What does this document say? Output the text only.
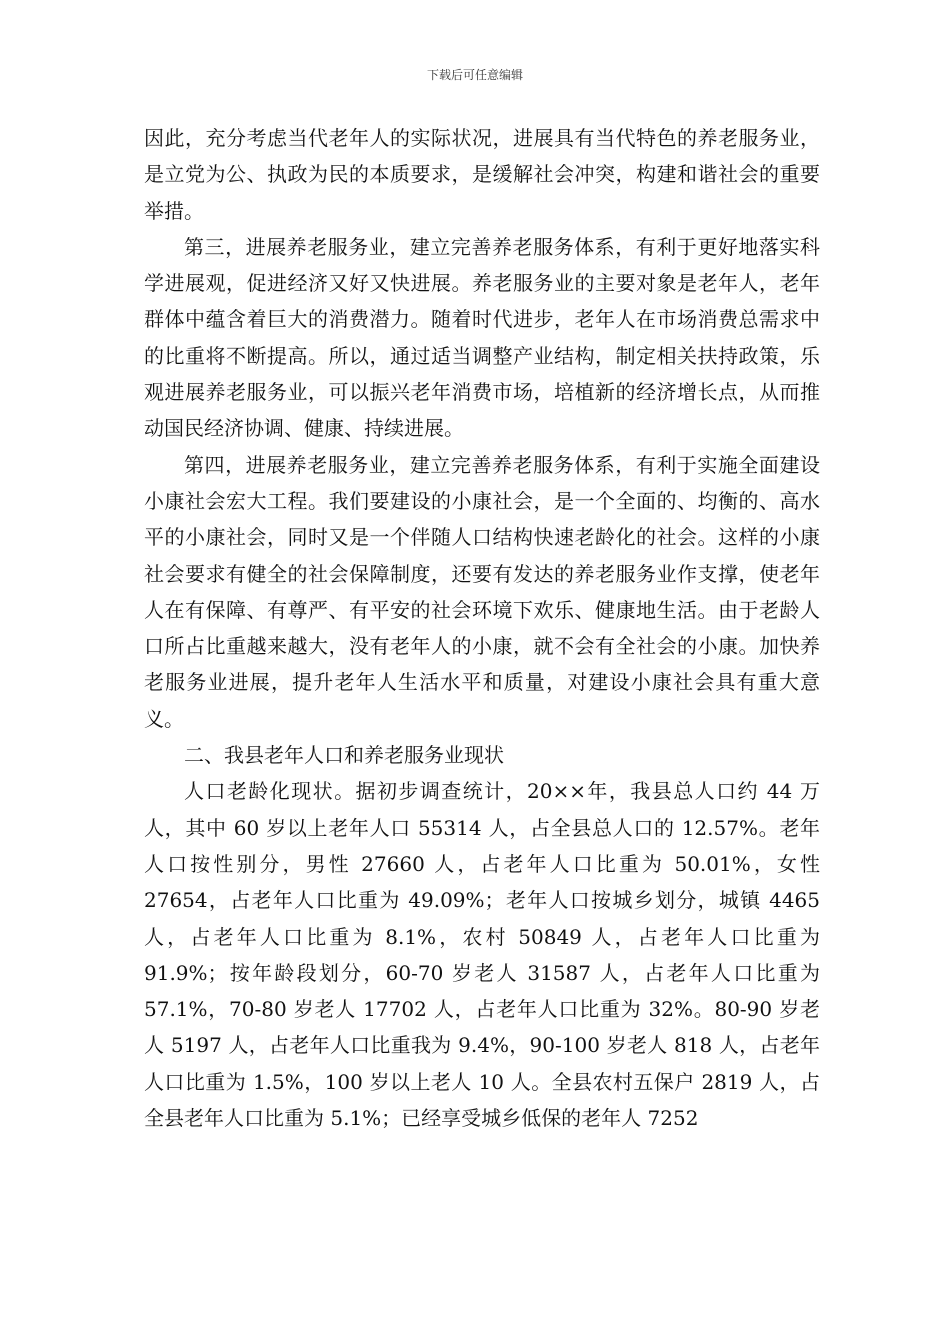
下载后可任意编辑

因此，充分考虑当代老年人的实际状况，进展具有当代特色的养老服务业，是立党为公、执政为民的本质要求，是缓解社会冲突，构建和谐社会的重要举措。

第三，进展养老服务业，建立完善养老服务体系，有利于更好地落实科学进展观，促进经济又好又快进展。养老服务业的主要对象是老年人，老年群体中蕴含着巨大的消费潜力。随着时代进步，老年人在市场消费总需求中的比重将不断提高。所以，通过适当调整产业结构，制定相关扶持政策，乐观进展养老服务业，可以振兴老年消费市场，培植新的经济增长点，从而推动国民经济协调、健康、持续进展。

第四，进展养老服务业，建立完善养老服务体系，有利于实施全面建设小康社会宏大工程。我们要建设的小康社会，是一个全面的、均衡的、高水平的小康社会，同时又是一个伴随人口结构快速老龄化的社会。这样的小康社会要求有健全的社会保障制度，还要有发达的养老服务业作支撑，使老年人在有保障、有尊严、有平安的社会环境下欢乐、健康地生活。由于老龄人口所占比重越来越大，没有老年人的小康，就不会有全社会的小康。加快养老服务业进展，提升老年人生活水平和质量，对建设小康社会具有重大意义。

二、我县老年人口和养老服务业现状

人口老龄化现状。据初步调查统计，20××年，我县总人口约 44 万人，其中 60 岁以上老年人口 55314 人，占全县总人口的 12.57%。老年人口按性别分，男性 27660 人，占老年人口比重为 50.01%，女性 27654，占老年人口比重为 49.09%；老年人口按城乡划分，城镇 4465 人，占老年人口比重为 8.1%，农村 50849 人，占老年人口比重为 91.9%；按年龄段划分，60-70 岁老人 31587 人，占老年人口比重为 57.1%，70-80 岁老人 17702 人，占老年人口比重为 32%。80-90 岁老人 5197 人，占老年人口比重我为 9.4%，90-100 岁老人 818 人，占老年人口比重为 1.5%，100 岁以上老人 10 人。全县农村五保户 2819 人，占全县老年人口比重为 5.1%；已经享受城乡低保的老年人 7252
